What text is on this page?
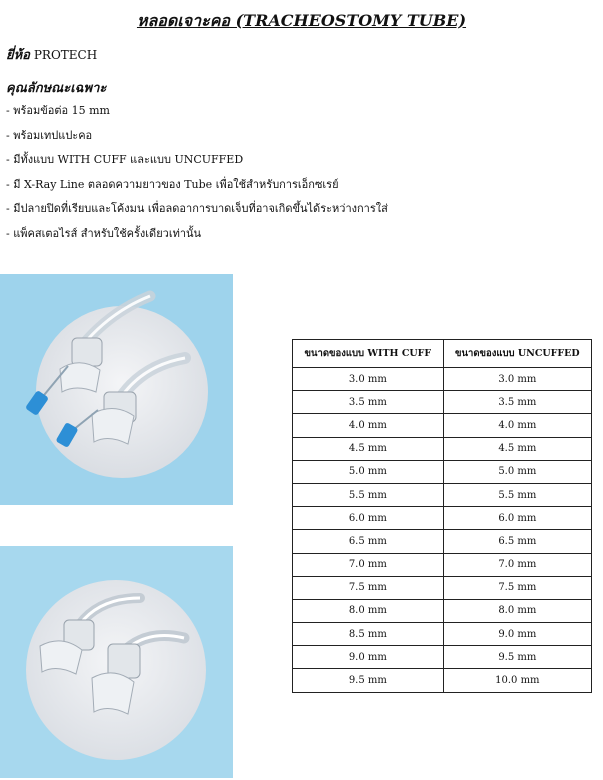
หลอดเจาะคอ (TRACHEOSTOMY TUBE)
ยี่ห้อ PROTECH
คุณลักษณะเฉพาะ
- พร้อมข้อต่อ 15 mm
- พร้อมเทปแปะคอ
- มีทั้งแบบ WITH CUFF และแบบ UNCUFFED
- มี X-Ray Line ตลอดความยาวของ Tube เพื่อใช้สำหรับการเอ็กซเรย์
- มีปลายปิดที่เรียบและโค้งมน เพื่อลดอาการบาดเจ็บที่อาจเกิดขึ้นได้ระหว่างการใส่
- แพ็คสเตอไรส์ สำหรับใช้ครั้งเดียวเท่านั้น
ขนาดของแบบ WITH CUFF	ขนาดของแบบ UNCUFFED
3.0 mm	3.0 mm
3.5 mm	3.5 mm
4.0 mm	4.0 mm
4.5 mm	4.5 mm
5.0 mm	5.0 mm
5.5 mm	5.5 mm
6.0 mm	6.0 mm
6.5 mm	6.5 mm
7.0 mm	7.0 mm
7.5 mm	7.5 mm
8.0 mm	8.0 mm
8.5 mm	9.0 mm
9.0 mm	9.5 mm
9.5 mm	10.0 mm
